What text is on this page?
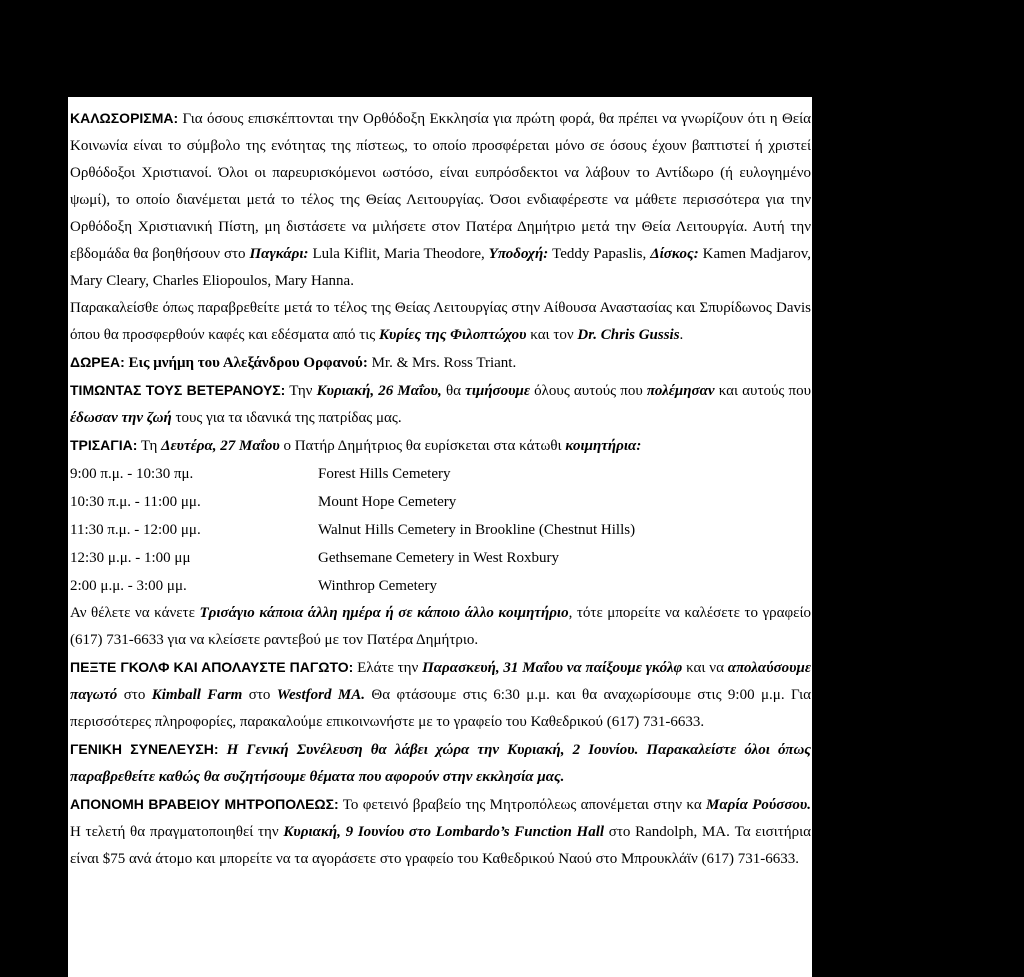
ΚΑΛΩΣΟΡΙΣΜΑ: Για όσους επισκέπτονται την Ορθόδοξη Εκκλησία για πρώτη φορά, θα πρέπει να γνωρίζουν ότι η Θεία Κοινωνία είναι το σύμβολο της ενότητας της πίστεως, το οποίο προσφέρεται μόνο σε όσους έχουν βαπτιστεί ή χριστεί Ορθόδοξοι Χριστιανοί. Όλοι οι παρευρισκόμενοι ωστόσο, είναι ευπρόσδεκτοι να λάβουν το Αντίδωρο (ή ευλογημένο ψωμί), το οποίο διανέμεται μετά το τέλος της Θείας Λειτουργίας. Όσοι ενδιαφέρεστε να μάθετε περισσότερα για την Ορθόδοξη Χριστιανική Πίστη, μη διστάσετε να μιλήσετε στον Πατέρα Δημήτριο μετά την Θεία Λειτουργία. Αυτή την εβδομάδα θα βοηθήσουν στο Παγκάρι: Lula Kiflit, Maria Theodore, Υποδοχή: Teddy Papaslis, Δίσκος: Kamen Madjarov, Mary Cleary, Charles Eliopoulos, Mary Hanna.

Παρακαλείσθε όπως παραβρεθείτε μετά το τέλος της Θείας Λειτουργίας στην Αίθουσα Αναστασίας και Σπυρίδωνος Davis όπου θα προσφερθούν καφές και εδέσματα από τις Κυρίες της Φιλοπτώχου και τον Dr. Chris Gussis.

ΔΩΡΕΑ: Εις μνήμη του Αλεξάνδρου Ορφανού: Mr. & Mrs. Ross Triant.

ΤΙΜΩΝΤΑΣ ΤΟΥΣ ΒΕΤΕΡΑΝΟΥΣ: Την Κυριακή, 26 Μαΐου, θα τιμήσουμε όλους αυτούς που πολέμησαν και αυτούς που έδωσαν την ζωή τους για τα ιδανικά της πατρίδας μας.

ΤΡΙΣΑΓΙΑ: Τη Δευτέρα, 27 Μαΐου ο Πατήρ Δημήτριος θα ευρίσκεται στα κάτωθι κοιμητήρια:

9:00 π.μ. - 10:30 πμ.	Forest Hills Cemetery
10:30 π.μ. - 11:00 μμ.	Mount Hope Cemetery
11:30 π.μ. - 12:00 μμ.	Walnut Hills Cemetery in Brookline (Chestnut Hills)
12:30 μ.μ. - 1:00 μμ	Gethsemane Cemetery in West Roxbury
2:00 μ.μ. - 3:00 μμ.	Winthrop Cemetery

Αν θέλετε να κάνετε Τρισάγιο κάποια άλλη ημέρα ή σε κάποιο άλλο κοιμητήριο, τότε μπορείτε να καλέσετε το γραφείο (617) 731-6633 για να κλείσετε ραντεβού με τον Πατέρα Δημήτριο.

ΠΕΞΤΕ ΓΚΟΛΦ ΚΑΙ ΑΠΟΛΑΥΣΤΕ ΠΑΓΩΤΟ: Ελάτε την Παρασκευή, 31 Μαΐου να παίξουμε γκόλφ και να απολαύσουμε παγωτό στο Kimball Farm στο Westford MA. Θα φτάσουμε στις 6:30 μ.μ. και θα αναχωρίσουμε στις 9:00 μ.μ. Για περισσότερες πληροφορίες, παρακαλούμε επικοινωνήστε με το γραφείο του Καθεδρικού (617) 731-6633.

ΓΕΝΙΚΗ ΣΥΝΕΛΕΥΣΗ: Η Γενική Συνέλευση θα λάβει χώρα την Κυριακή, 2 Ιουνίου. Παρακαλείστε όλοι όπως παραβρεθείτε καθώς θα συζητήσουμε θέματα που αφορούν στην εκκλησία μας.

ΑΠΟΝΟΜΗ ΒΡΑΒΕΙΟΥ ΜΗΤΡΟΠΟΛΕΩΣ: Το φετεινό βραβείο της Μητροπόλεως απονέμεται στην κα Μαρία Ρούσσου. Η τελετή θα πραγματοποιηθεί την Κυριακή, 9 Ιουνίου στο Lombardo’s Function Hall στο Randolph, MA. Τα εισιτήρια είναι $75 ανά άτομο και μπορείτε να τα αγοράσετε στο γραφείο του Καθεδρικού Ναού στο Μπρουκλάϊν (617) 731-6633.
